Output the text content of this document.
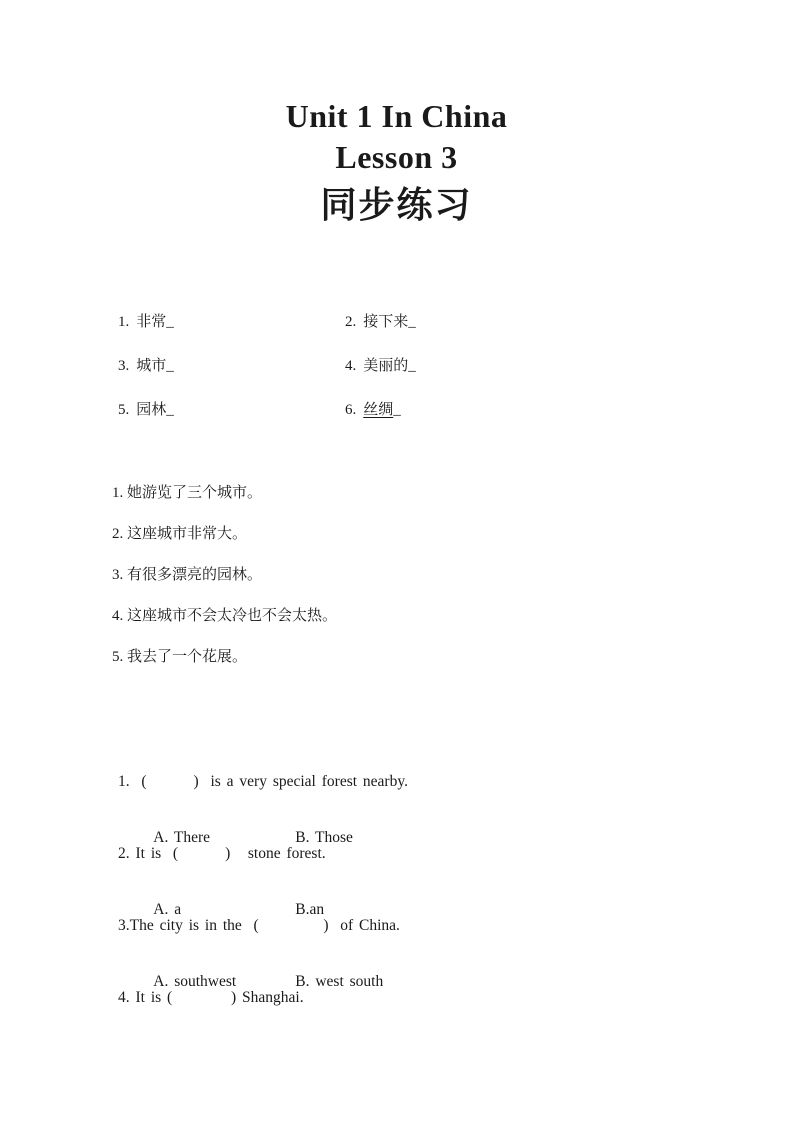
Unit 1 In China
Lesson 3
同步练习
1. 非常_	2. 接下来_
3. 城市_	4. 美丽的_
5. 园林_	6. 丝绸_
1. 她游览了三个城市。
2. 这座城市非常大。
3. 有很多漂亮的园林。
4. 这座城市不会太冷也不会太热。
5. 我去了一个花展。
1.  (        )  is a very special forest nearby.

A. There	B. Those

2. It is  (        )   stone forest.

A. a	B.an

3.The city is in the  (           )  of China.

A. southwest	B. west south

4. It is (          ) Shanghai.
